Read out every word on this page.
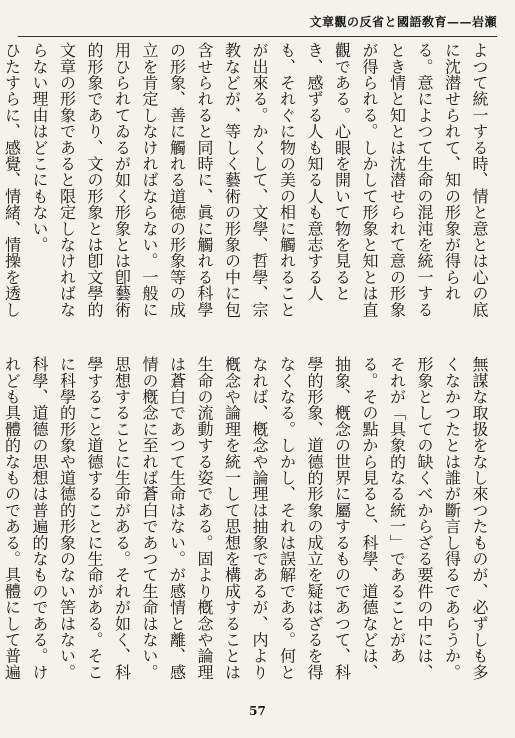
文章觀の反省と國語敎育——岩瀬

よつて統一する時、情と意とは心の底に沈潜せられて、知の形象が得られる。意によつて生命の混沌を統一するとき情と知とは沈潜せられて意の形象が得られる。しかして形象と知とは直觀である。心眼を開いて物を見るとき、感ずる人も知る人も意志する人も、それぐに物の美の相に觸れることが出來る。かくして、文學、哲學、宗教などが、等しく藝術の形象の中に包含せられると同時に、眞に觸れる科學の形象、善に觸れる道徳の形象等の成立を肯定しなければならない。一般に用ひられてゐるが如く形象とは卽藝術的形象であり、文の形象とは卽文學的文章の形象であると限定しなければならない理由はどこにもない。

ひたすらに、感覺、情緒、情操を透し

無謀な取扱をなし來つたものが、必ずしも多くなかつたとは誰が斷言し得るであらうか。

形象としての缺くべからざる要件の中には、それが「具象的なる統一」であることがある。その點から見ると、科學、道德などは、抽象、槪念の世界に屬するものであつて、科學的形象、道德的形象の成立を疑はざるを得なくなる。しかし、それは誤解である。何となれば、槪念や論理は抽象であるが、内より槪念や論理を統一して思想を構成することは生命の流動する姿である。固より槪念や論理は蒼白であつて生命はない。が感情と離、感情の槪念に至れば蒼白であつて生命はない。思想することに生命がある。それが如く、科學すること道德することに生命がある。そこに科學的形象や道德的形象のない筈はない。科學、道德の思想は普遍的なものである。けれども具體的なものである。具體にして普遍

57
